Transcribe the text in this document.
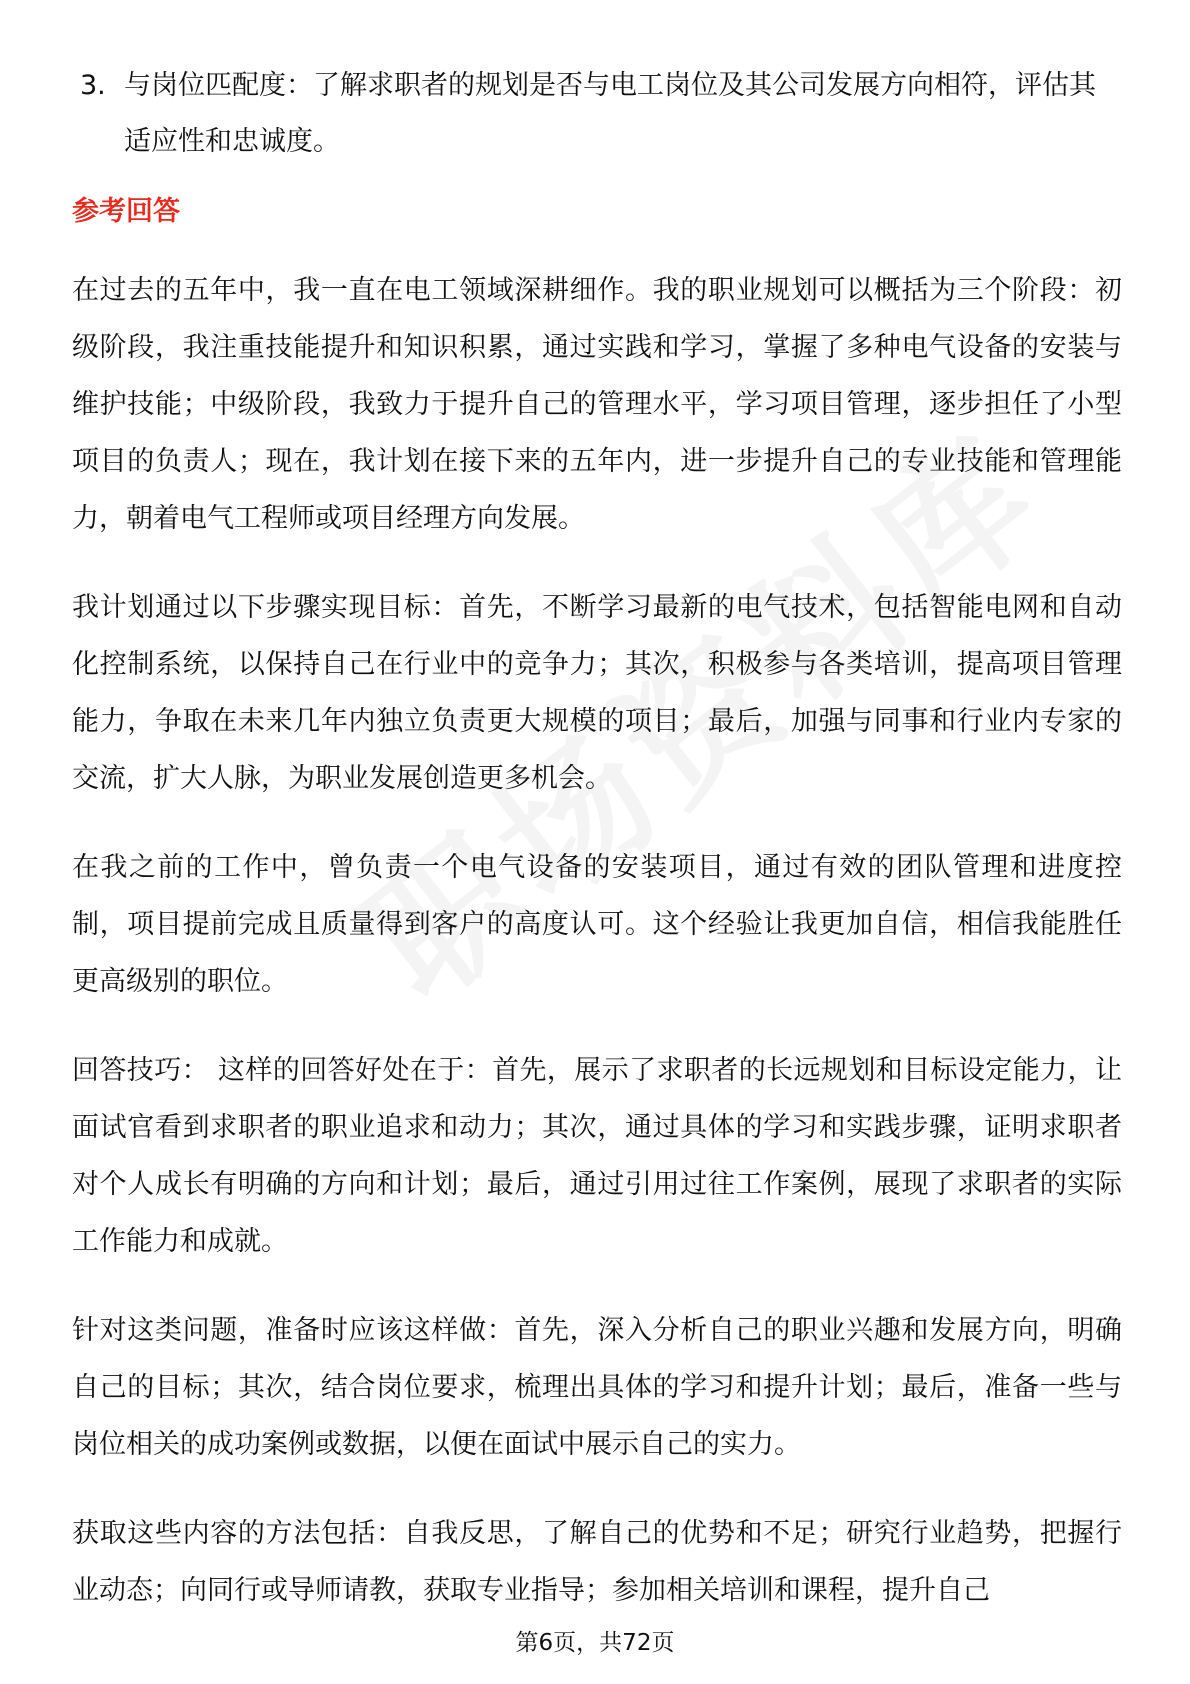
3. 与岗位匹配度：了解求职者的规划是否与电工岗位及其公司发展方向相符，评估其适应性和忠诚度。
参考回答

在过去的五年中，我一直在电工领域深耕细作。我的职业规划可以概括为三个阶段：初级阶段，我注重技能提升和知识积累，通过实践和学习，掌握了多种电气设备的安装与维护技能；中级阶段，我致力于提升自己的管理水平，学习项目管理，逐步担任了小型项目的负责人；现在，我计划在接下来的五年内，进一步提升自己的专业技能和管理能力，朝着电气工程师或项目经理方向发展。

我计划通过以下步骤实现目标：首先，不断学习最新的电气技术，包括智能电网和自动化控制系统，以保持自己在行业中的竞争力；其次，积极参与各类培训，提高项目管理能力，争取在未来几年内独立负责更大规模的项目；最后，加强与同事和行业内专家的交流，扩大人脉，为职业发展创造更多机会。

在我之前的工作中，曾负责一个电气设备的安装项目，通过有效的团队管理和进度控制，项目提前完成且质量得到客户的高度认可。这个经验让我更加自信，相信我能胜任更高级别的职位。

回答技巧： 这样的回答好处在于：首先，展示了求职者的长远规划和目标设定能力，让面试官看到求职者的职业追求和动力；其次，通过具体的学习和实践步骤，证明求职者对个人成长有明确的方向和计划；最后，通过引用过往工作案例，展现了求职者的实际工作能力和成就。

针对这类问题，准备时应该这样做：首先，深入分析自己的职业兴趣和发展方向，明确自己的目标；其次，结合岗位要求，梳理出具体的学习和提升计划；最后，准备一些与岗位相关的成功案例或数据，以便在面试中展示自己的实力。

获取这些内容的方法包括：自我反思，了解自己的优势和不足；研究行业趋势，把握行业动态；向同行或导师请教，获取专业指导；参加相关培训和课程，提升自己

第6页，共72页
